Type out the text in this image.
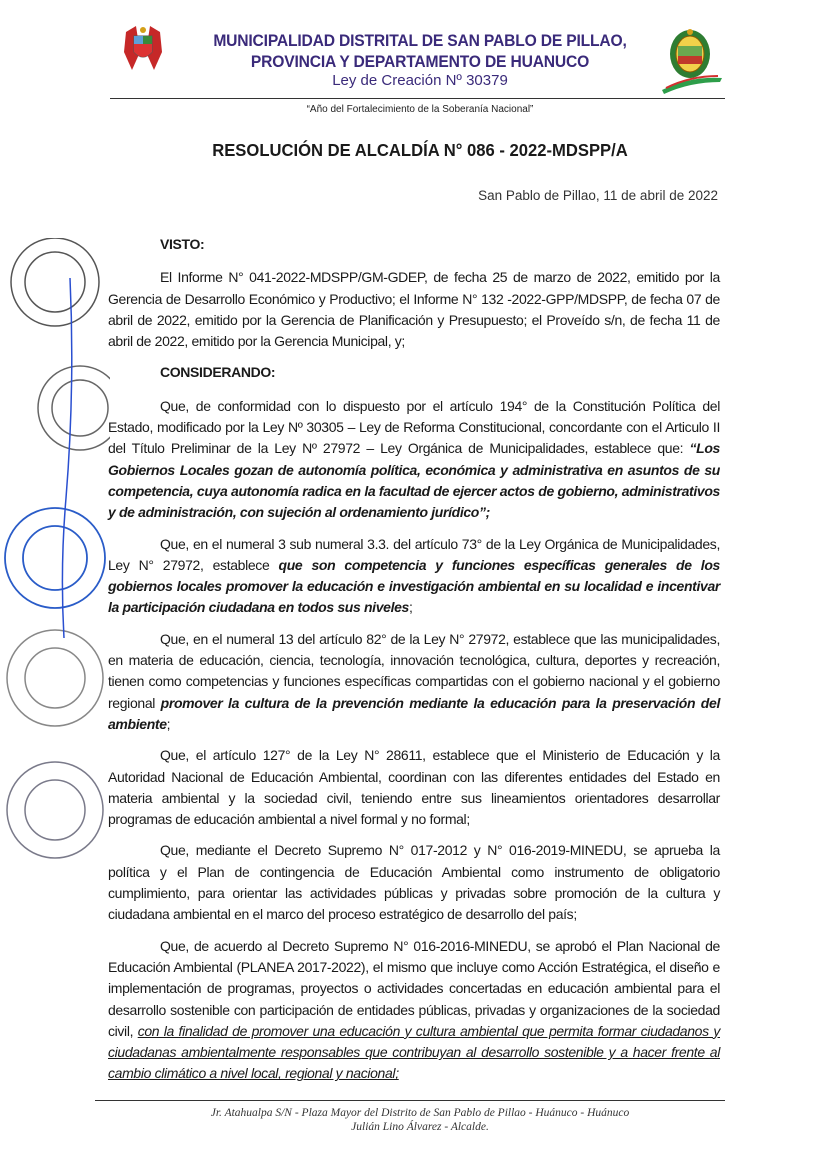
MUNICIPALIDAD DISTRITAL DE SAN PABLO DE PILLAO, PROVINCIA Y DEPARTAMENTO DE HUANUCO
Ley de Creación Nº 30379
“Año del Fortalecimiento de la Soberanía Nacional”
RESOLUCIÓN DE ALCALDÍA N° 086 - 2022-MDSPP/A
San Pablo de Pillao, 11 de abril de 2022

VISTO:

El Informe N° 041-2022-MDSPP/GM-GDEP, de fecha 25 de marzo de 2022, emitido por la Gerencia de Desarrollo Económico y Productivo; el Informe N° 132 -2022-GPP/MDSPP, de fecha 07 de abril de 2022, emitido por la Gerencia de Planificación y Presupuesto; el Proveído s/n, de fecha 11 de abril de 2022, emitido por la Gerencia Municipal, y;

CONSIDERANDO:

Que, de conformidad con lo dispuesto por el artículo 194° de la Constitución Política del Estado, modificado por la Ley Nº 30305 – Ley de Reforma Constitucional, concordante con el Articulo II del Título Preliminar de la Ley Nº 27972 – Ley Orgánica de Municipalidades, establece que: “Los Gobiernos Locales gozan de autonomía política, económica y administrativa en asuntos de su competencia, cuya autonomía radica en la facultad de ejercer actos de gobierno, administrativos y de administración, con sujeción al ordenamiento jurídico”;

Que, en el numeral 3 sub numeral 3.3. del artículo 73° de la Ley Orgánica de Municipalidades, Ley N° 27972, establece que son competencia y funciones específicas generales de los gobiernos locales promover la educación e investigación ambiental en su localidad e incentivar la participación ciudadana en todos sus niveles;

Que, en el numeral 13 del artículo 82° de la Ley N° 27972, establece que las municipalidades, en materia de educación, ciencia, tecnología, innovación tecnológica, cultura, deportes y recreación, tienen como competencias y funciones específicas compartidas con el gobierno nacional y el gobierno regional promover la cultura de la prevención mediante la educación para la preservación del ambiente;

Que, el artículo 127° de la Ley N° 28611, establece que el Ministerio de Educación y la Autoridad Nacional de Educación Ambiental, coordinan con las diferentes entidades del Estado en materia ambiental y la sociedad civil, teniendo entre sus lineamientos orientadores desarrollar programas de educación ambiental a nivel formal y no formal;

Que, mediante el Decreto Supremo N° 017-2012 y N° 016-2019-MINEDU, se aprueba la política y el Plan de contingencia de Educación Ambiental como instrumento de obligatorio cumplimiento, para orientar las actividades públicas y privadas sobre promoción de la cultura y ciudadana ambiental en el marco del proceso estratégico de desarrollo del país;

Que, de acuerdo al Decreto Supremo N° 016-2016-MINEDU, se aprobó el Plan Nacional de Educación Ambiental (PLANEA 2017-2022), el mismo que incluye como Acción Estratégica, el diseño e implementación de programas, proyectos o actividades concertadas en educación ambiental para el desarrollo sostenible con participación de entidades públicas, privadas y organizaciones de la sociedad civil, con la finalidad de promover una educación y cultura ambiental que permita formar ciudadanos y ciudadanas ambientalmente responsables que contribuyan al desarrollo sostenible y a hacer frente al cambio climático a nivel local, regional y nacional;

Jr. Atahualpa S/N - Plaza Mayor del Distrito de San Pablo de Pillao - Huánuco - Huánuco
Julián Lino Álvarez - Alcalde.
